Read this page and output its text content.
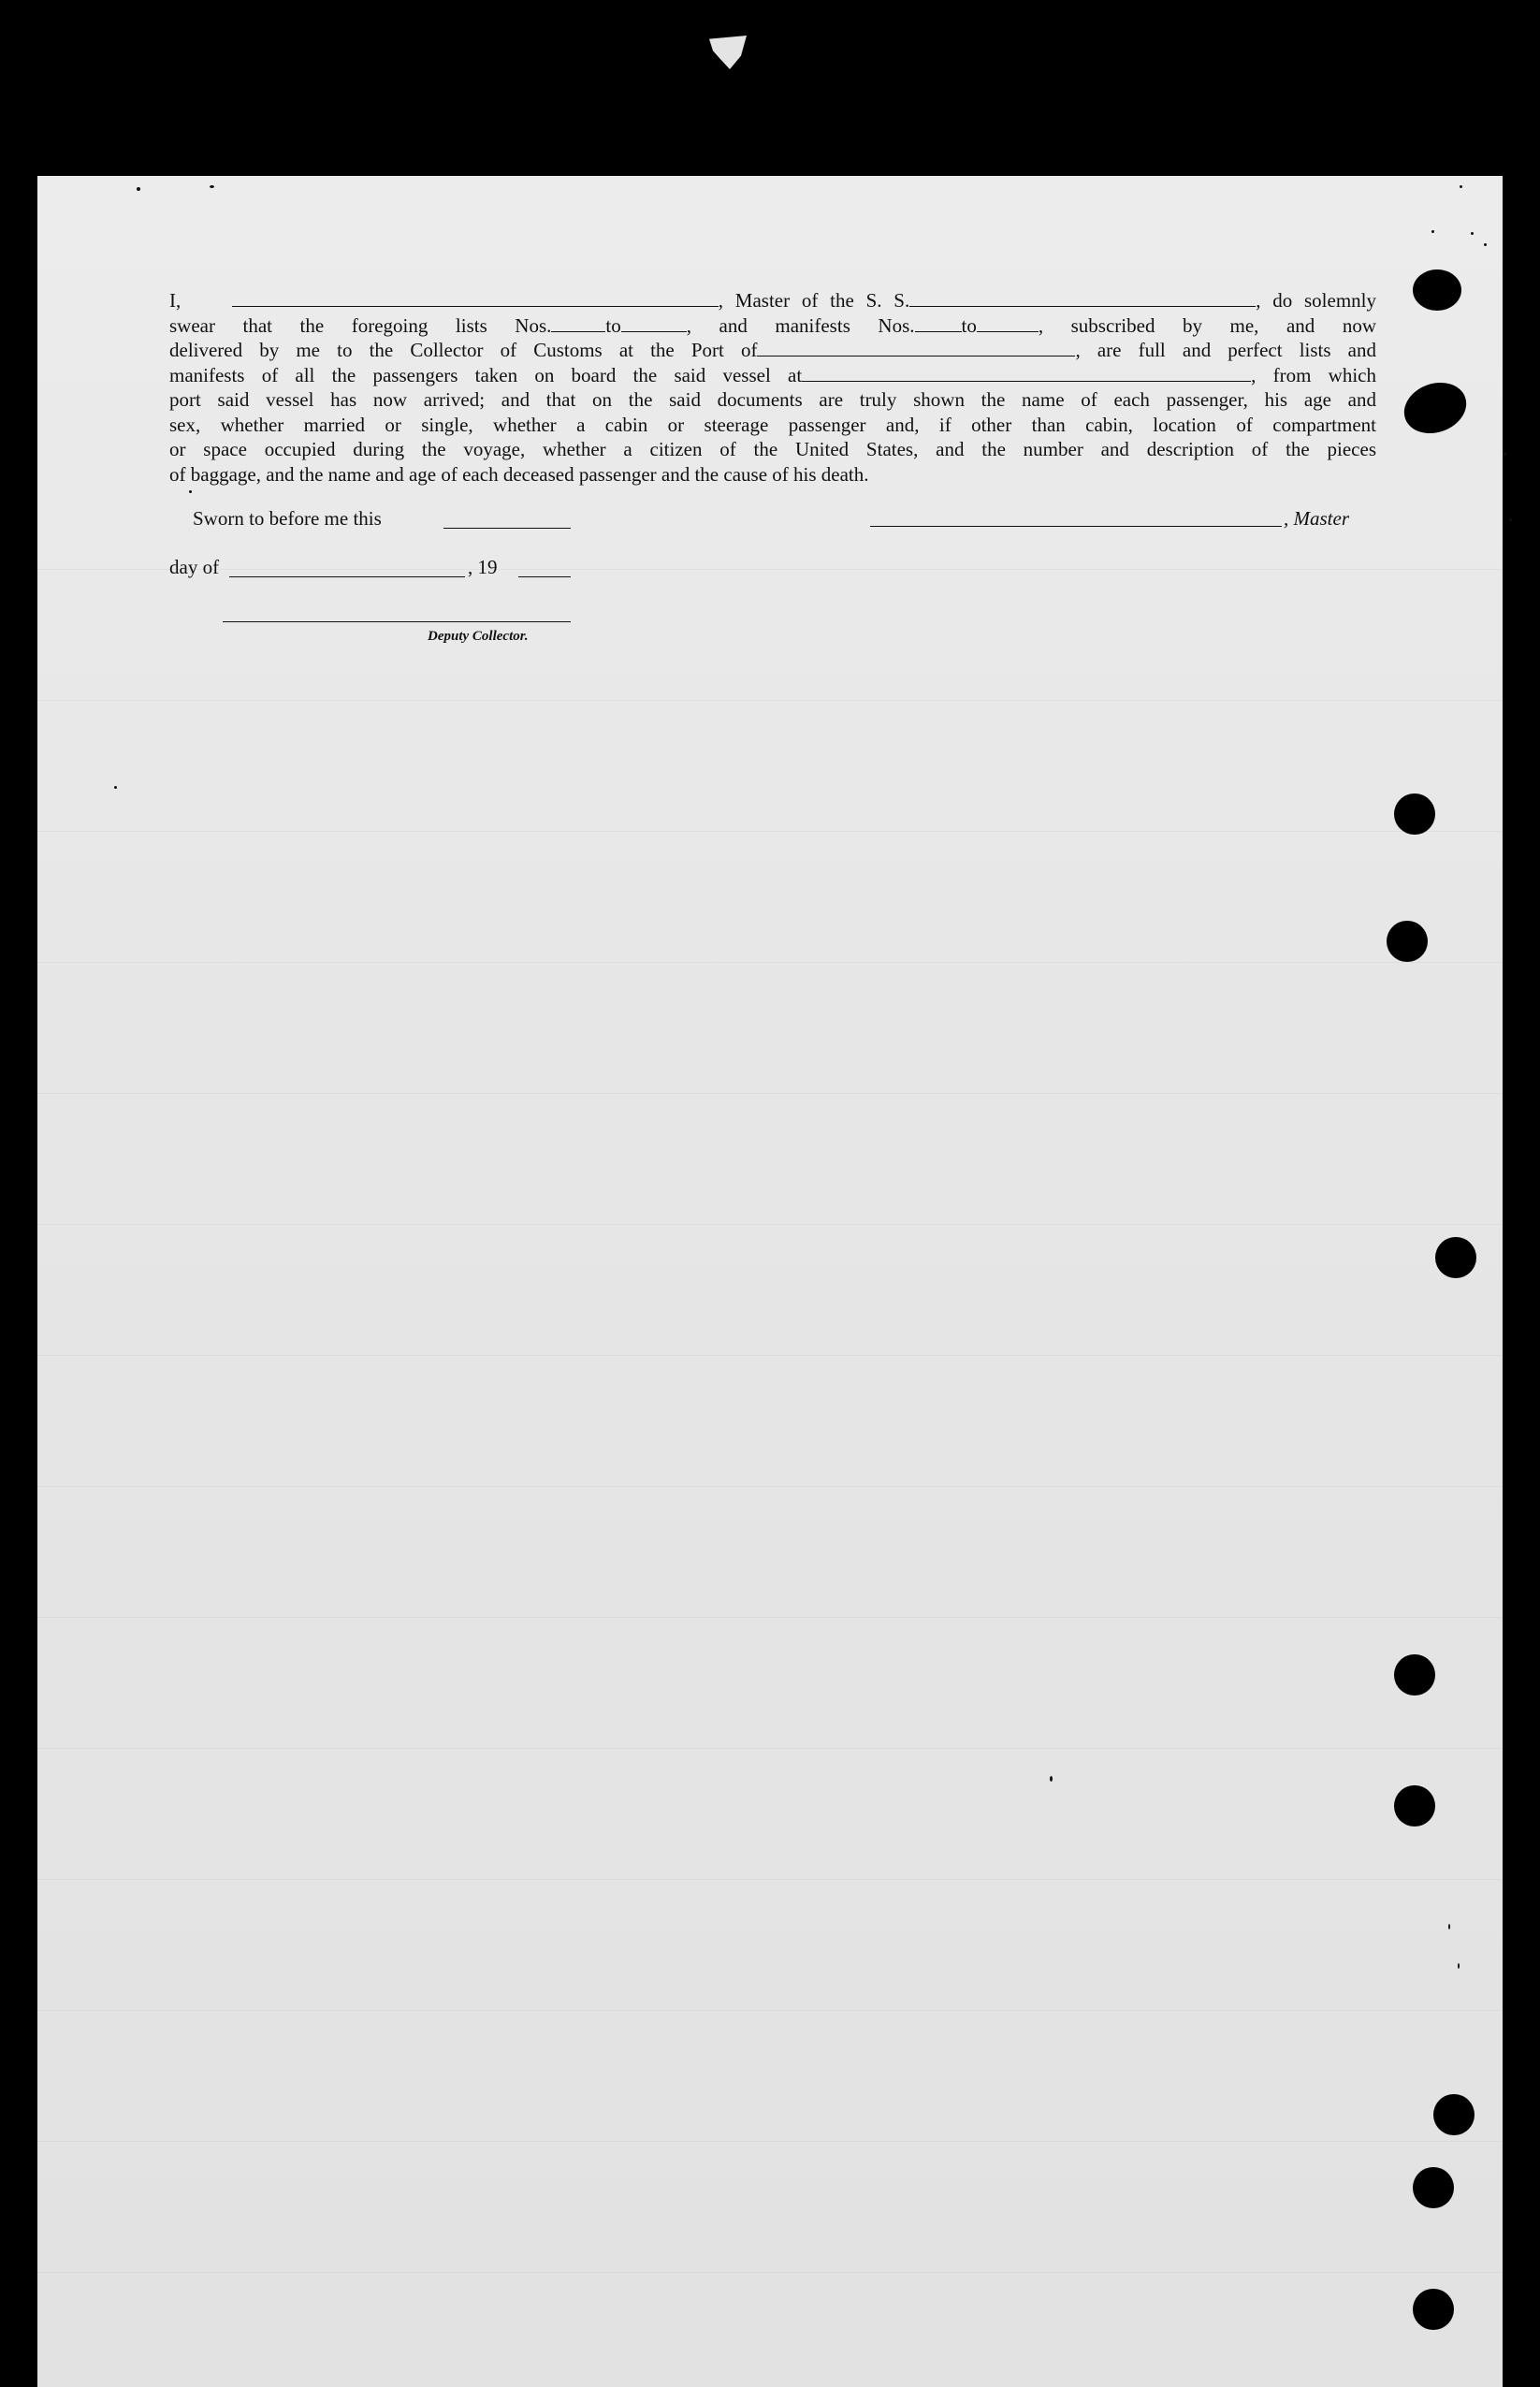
I,	, Master of the S. S.	, do solemnly

swear that the foregoing lists Nos.	to	, and manifests Nos. to	, subscribed by me, and now

delivered by me to the Collector of Customs at the Port of	, are full and perfect lists and

manifests of all the passengers taken on board the said vessel at	, from which

port said vessel has now arrived; and that on the said documents are truly shown the name of each passenger, his age and

sex, whether married or single, whether a cabin or steerage passenger and, if other than cabin, location of compartment

or space occupied during the voyage, whether a citizen of the United States, and the number and description of the pieces

of baggage, and the name and age of each deceased passenger and the cause of his death.

Sworn to before me this	, Master
day of	, 19
Deputy Collector.
